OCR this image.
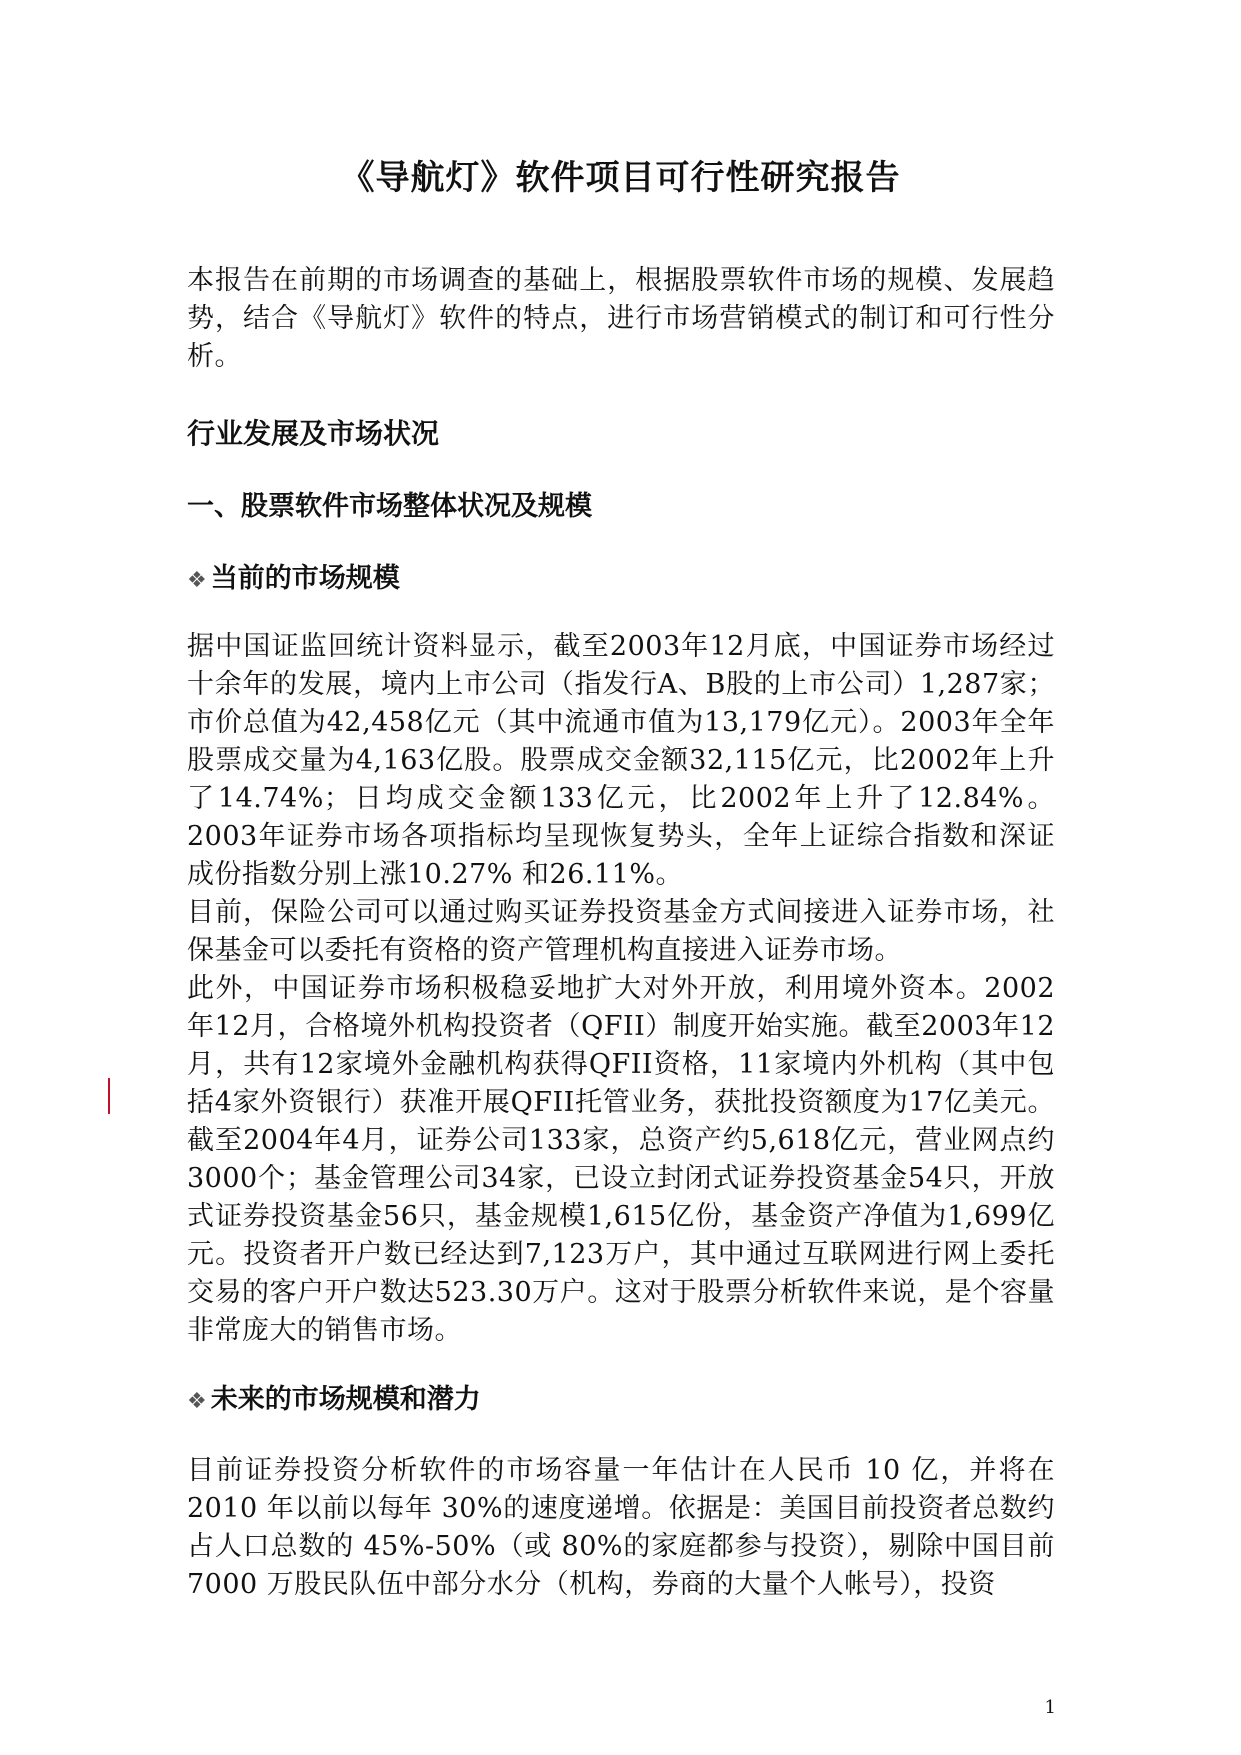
《导航灯》软件项目可行性研究报告

本报告在前期的市场调查的基础上，根据股票软件市场的规模、发展趋势，结合《导航灯》软件的特点，进行市场营销模式的制订和可行性分析。

行业发展及市场状况
一、股票软件市场整体状况及规模
❖ 当前的市场规模

据中国证监回统计资料显示，截至2003年12月底，中国证券市场经过十余年的发展，境内上市公司（指发行A、B股的上市公司）1,287家；市价总值为42,458亿元（其中流通市值为13,179亿元）。2003年全年股票成交量为4,163亿股。股票成交金额32,115亿元，比2002年上升了14.74%；日均成交金额133亿元，比2002年上升了12.84%。2003年证券市场各项指标均呈现恢复势头，全年上证综合指数和深证成份指数分别上涨10.27% 和26.11%。

目前，保险公司可以通过购买证券投资基金方式间接进入证券市场，社保基金可以委托有资格的资产管理机构直接进入证券市场。

此外，中国证券市场积极稳妥地扩大对外开放，利用境外资本。2002年12月，合格境外机构投资者（QFII）制度开始实施。截至2003年12月，共有12家境外金融机构获得QFII资格，11家境内外机构（其中包括4家外资银行）获准开展QFII托管业务，获批投资额度为17亿美元。截至2004年4月，证券公司133家，总资产约5,618亿元，营业网点约3000个；基金管理公司34家，已设立封闭式证券投资基金54只，开放式证券投资基金56只，基金规模1,615亿份，基金资产净值为1,699亿元。投资者开户数已经达到7,123万户，其中通过互联网进行网上委托交易的客户开户数达523.30万户。这对于股票分析软件来说，是个容量非常庞大的销售市场。

❖ 未来的市场规模和潜力

目前证券投资分析软件的市场容量一年估计在人民币 10 亿，并将在 2010 年以前以每年 30%的速度递增。依据是：美国目前投资者总数约占人口总数的 45%-50%（或 80%的家庭都参与投资），剔除中国目前 7000 万股民队伍中部分水分（机构，券商的大量个人帐号），投资

1
